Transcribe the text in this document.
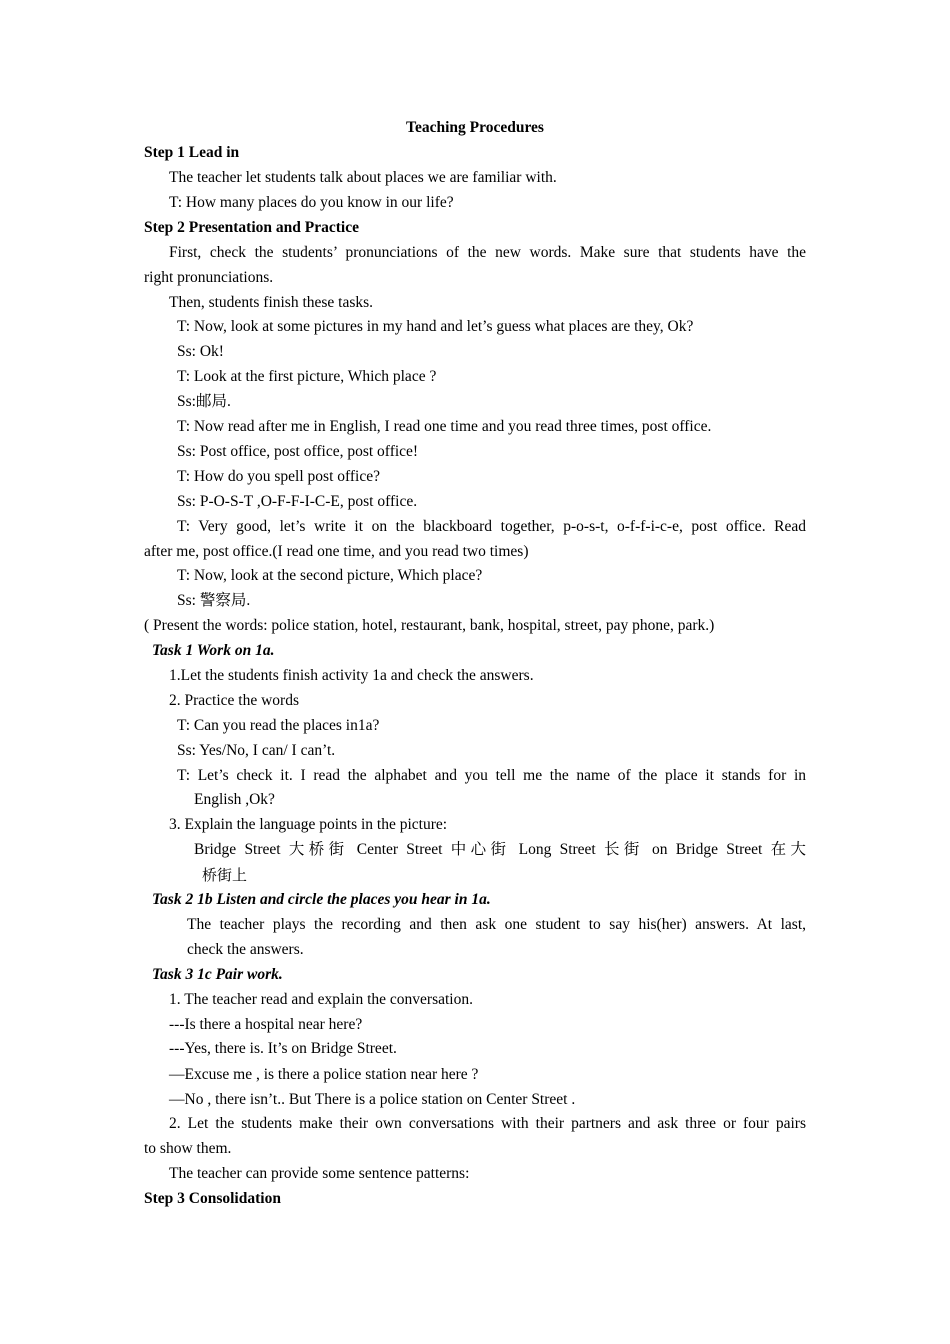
Teaching Procedures
Step 1 Lead in
The teacher let students talk about places we are familiar with.
T: How many places do you know in our life?
Step 2 Presentation and Practice
First, check the students’ pronunciations of the new words. Make sure that students have the
right pronunciations.
Then, students finish these tasks.
T: Now, look at some pictures in my hand and let’s guess what places are they, Ok?
Ss: Ok!
T: Look at the first picture, Which place ?
Ss:邮局.
T: Now read after me in English, I read one time and you read three times, post office.
Ss: Post office, post office, post office!
T: How do you spell post office?
Ss: P-O-S-T ,O-F-F-I-C-E, post office.
T: Very good, let’s write it on the blackboard together, p-o-s-t, o-f-f-i-c-e, post office. Read
after me, post office.(I read one time, and you read two times)
T: Now, look at the second picture, Which place?
Ss: 警察局.
( Present the words: police station, hotel, restaurant, bank, hospital, street, pay phone, park.)
Task 1 Work on 1a.
1.Let the students finish activity 1a and check the answers.
2. Practice the words
T: Can you read the places in1a?
Ss: Yes/No, I can/ I can’t.
T: Let’s check it. I read the alphabet and you tell me the name of the place it stands for in
English ,Ok?
3. Explain the language points in the picture:
Bridge Street 大桥街 Center Street 中心街 Long Street 长街 on Bridge Street 在大
桥街上
Task 2 1b Listen and circle the places you hear in 1a.
The teacher plays the recording and then ask one student to say his(her) answers. At last,
check the answers.
Task 3 1c Pair work.
1. The teacher read and explain the conversation.
---Is there a hospital near here?
---Yes, there is. It’s on Bridge Street.
—Excuse me , is there a police station near here ?
—No , there isn’t.. But There is a police station on Center Street .
2. Let the students make their own conversations with their partners and ask three or four pairs
to show them.
The teacher can provide some sentence patterns:
Step 3 Consolidation
